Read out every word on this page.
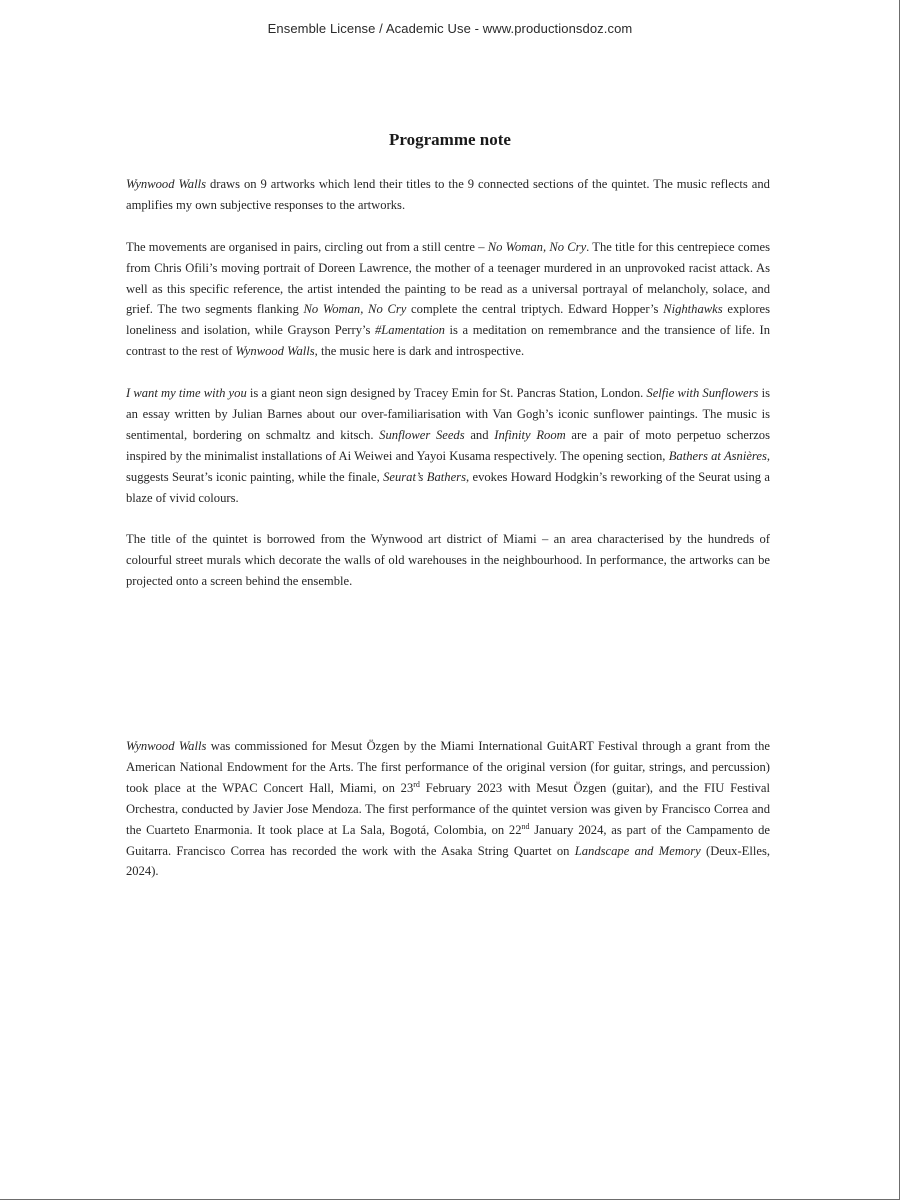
Ensemble License / Academic Use - www.productionsdoz.com
Programme note

Wynwood Walls draws on 9 artworks which lend their titles to the 9 connected sections of the quintet. The music reflects and amplifies my own subjective responses to the artworks.

The movements are organised in pairs, circling out from a still centre – No Woman, No Cry. The title for this centrepiece comes from Chris Ofili’s moving portrait of Doreen Lawrence, the mother of a teenager murdered in an unprovoked racist attack. As well as this specific reference, the artist intended the painting to be read as a universal portrayal of melancholy, solace, and grief. The two segments flanking No Woman, No Cry complete the central triptych. Edward Hopper’s Nighthawks explores loneliness and isolation, while Grayson Perry’s #Lamentation is a meditation on remembrance and the transience of life. In contrast to the rest of Wynwood Walls, the music here is dark and introspective.

I want my time with you is a giant neon sign designed by Tracey Emin for St. Pancras Station, London. Selfie with Sunflowers is an essay written by Julian Barnes about our over-familiarisation with Van Gogh’s iconic sunflower paintings. The music is sentimental, bordering on schmaltz and kitsch. Sunflower Seeds and Infinity Room are a pair of moto perpetuo scherzos inspired by the minimalist installations of Ai Weiwei and Yayoi Kusama respectively. The opening section, Bathers at Asnières, suggests Seurat’s iconic painting, while the finale, Seurat’s Bathers, evokes Howard Hodgkin’s reworking of the Seurat using a blaze of vivid colours.

The title of the quintet is borrowed from the Wynwood art district of Miami – an area characterised by the hundreds of colourful street murals which decorate the walls of old warehouses in the neighbourhood. In performance, the artworks can be projected onto a screen behind the ensemble.

Wynwood Walls was commissioned for Mesut Özgen by the Miami International GuitART Festival through a grant from the American National Endowment for the Arts. The first performance of the original version (for guitar, strings, and percussion) took place at the WPAC Concert Hall, Miami, on 23rd February 2023 with Mesut Özgen (guitar), and the FIU Festival Orchestra, conducted by Javier Jose Mendoza. The first performance of the quintet version was given by Francisco Correa and the Cuarteto Enarmonia. It took place at La Sala, Bogotá, Colombia, on 22nd January 2024, as part of the Campamento de Guitarra. Francisco Correa has recorded the work with the Asaka String Quartet on Landscape and Memory (Deux-Elles, 2024).
